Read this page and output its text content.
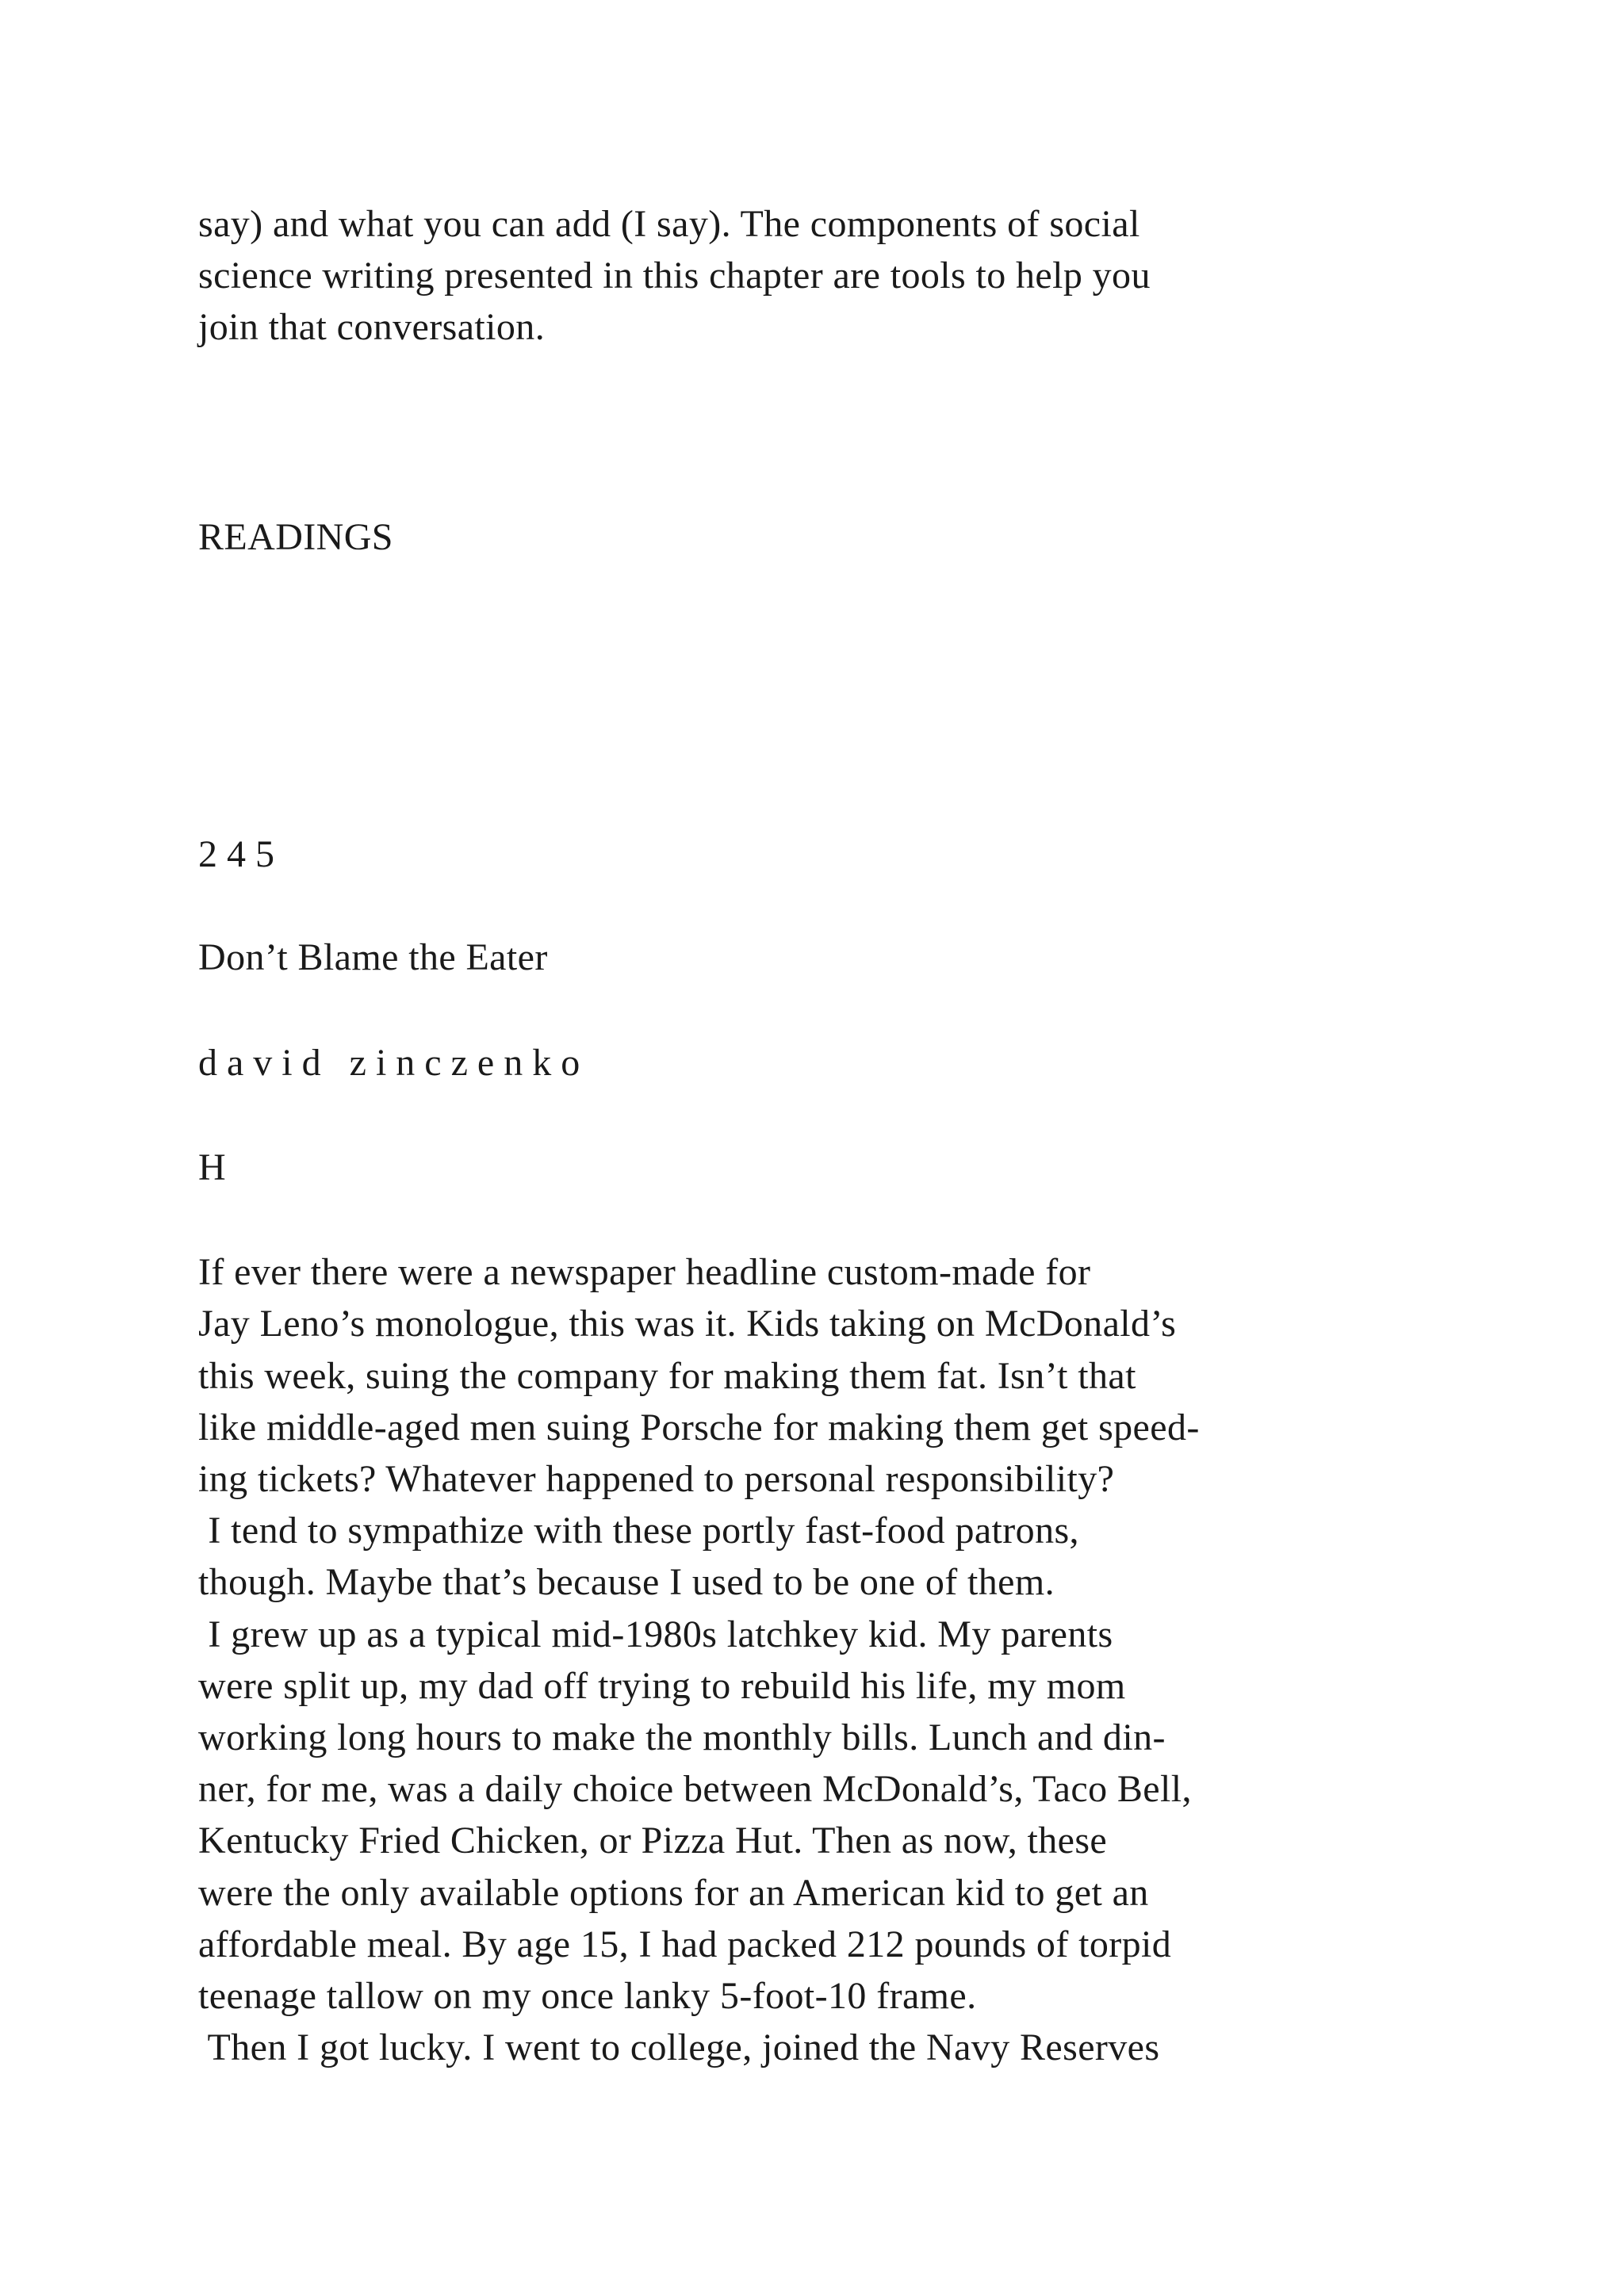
say) and what you can add (I say). The components of social
science writing presented in this chapter are tools to help you
join that conversation.
READINGS
2 4 5
Don’t Blame the Eater
d a v i d   z i n c z e n k o
H
If ever there were a newspaper headline custom-made for
Jay Leno’s monologue, this was it. Kids taking on McDonald’s
this week, suing the company for making them fat. Isn’t that
like middle-aged men suing Porsche for making them get speed-
ing tickets? Whatever happened to personal responsibility?
I tend to sympathize with these portly fast-food patrons,
though. Maybe that’s because I used to be one of them.
I grew up as a typical mid-1980s latchkey kid. My parents
were split up, my dad off trying to rebuild his life, my mom
working long hours to make the monthly bills. Lunch and din-
ner, for me, was a daily choice between McDonald’s, Taco Bell,
Kentucky Fried Chicken, or Pizza Hut. Then as now, these
were the only available options for an American kid to get an
affordable meal. By age 15, I had packed 212 pounds of torpid
teenage tallow on my once lanky 5-foot-10 frame.
Then I got lucky. I went to college, joined the Navy Reserves
